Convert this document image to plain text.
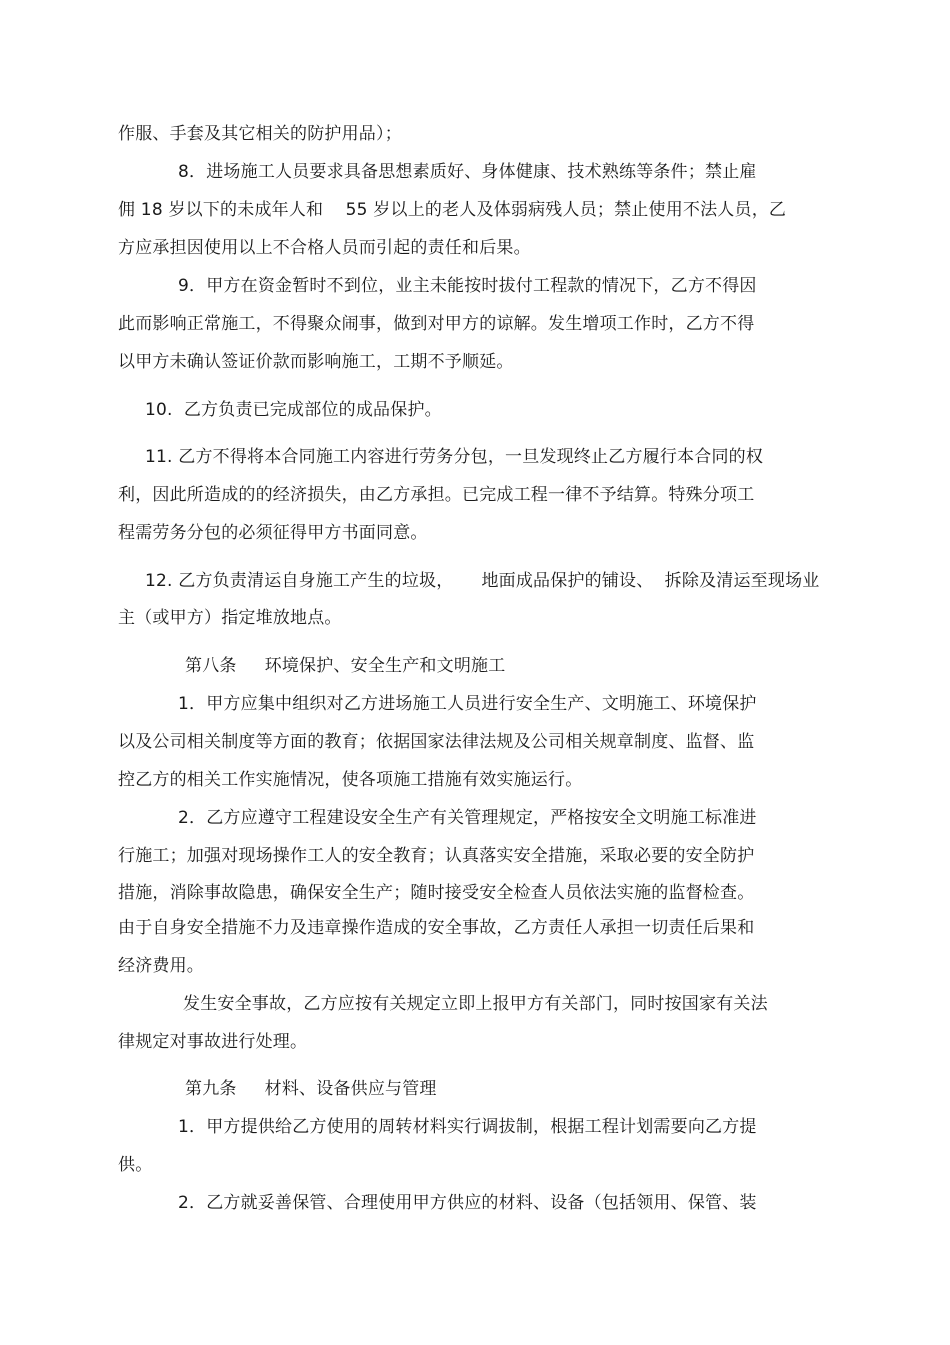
作服、手套及其它相关的防护用品）；
8．进场施工人员要求具备思想素质好、身体健康、技术熟练等条件；禁止雇
佣 18 岁以下的未成年人和    55 岁以上的老人及体弱病残人员；禁止使用不法人员，乙
方应承担因使用以上不合格人员而引起的责任和后果。
9．甲方在资金暂时不到位，业主未能按时拔付工程款的情况下，乙方不得因
此而影响正常施工，不得聚众闹事，做到对甲方的谅解。发生增项工作时，乙方不得
以甲方未确认签证价款而影响施工，工期不予顺延。
10.  乙方负责已完成部位的成品保护。
11. 乙方不得将本合同施工内容进行劳务分包，一旦发现终止乙方履行本合同的权
利，因此所造成的的经济损失，由乙方承担。已完成工程一律不予结算。特殊分项工
程需劳务分包的必须征得甲方书面同意。
12. 乙方负责清运自身施工产生的垃圾，     地面成品保护的铺设、  拆除及清运至现场业
主（或甲方）指定堆放地点。
第八条     环境保护、安全生产和文明施工
1．甲方应集中组织对乙方进场施工人员进行安全生产、文明施工、环境保护
以及公司相关制度等方面的教育；依据国家法律法规及公司相关规章制度、监督、监
控乙方的相关工作实施情况，使各项施工措施有效实施运行。
2．乙方应遵守工程建设安全生产有关管理规定，严格按安全文明施工标准进
行施工；加强对现场操作工人的安全教育；认真落实安全措施，采取必要的安全防护
措施，消除事故隐患，确保安全生产；随时接受安全检查人员依法实施的监督检查。
由于自身安全措施不力及违章操作造成的安全事故，乙方责任人承担一切责任后果和
经济费用。
发生安全事故，乙方应按有关规定立即上报甲方有关部门，同时按国家有关法
律规定对事故进行处理。
第九条     材料、设备供应与管理
1．甲方提供给乙方使用的周转材料实行调拔制，根据工程计划需要向乙方提
供。
2．乙方就妥善保管、合理使用甲方供应的材料、设备（包括领用、保管、装
